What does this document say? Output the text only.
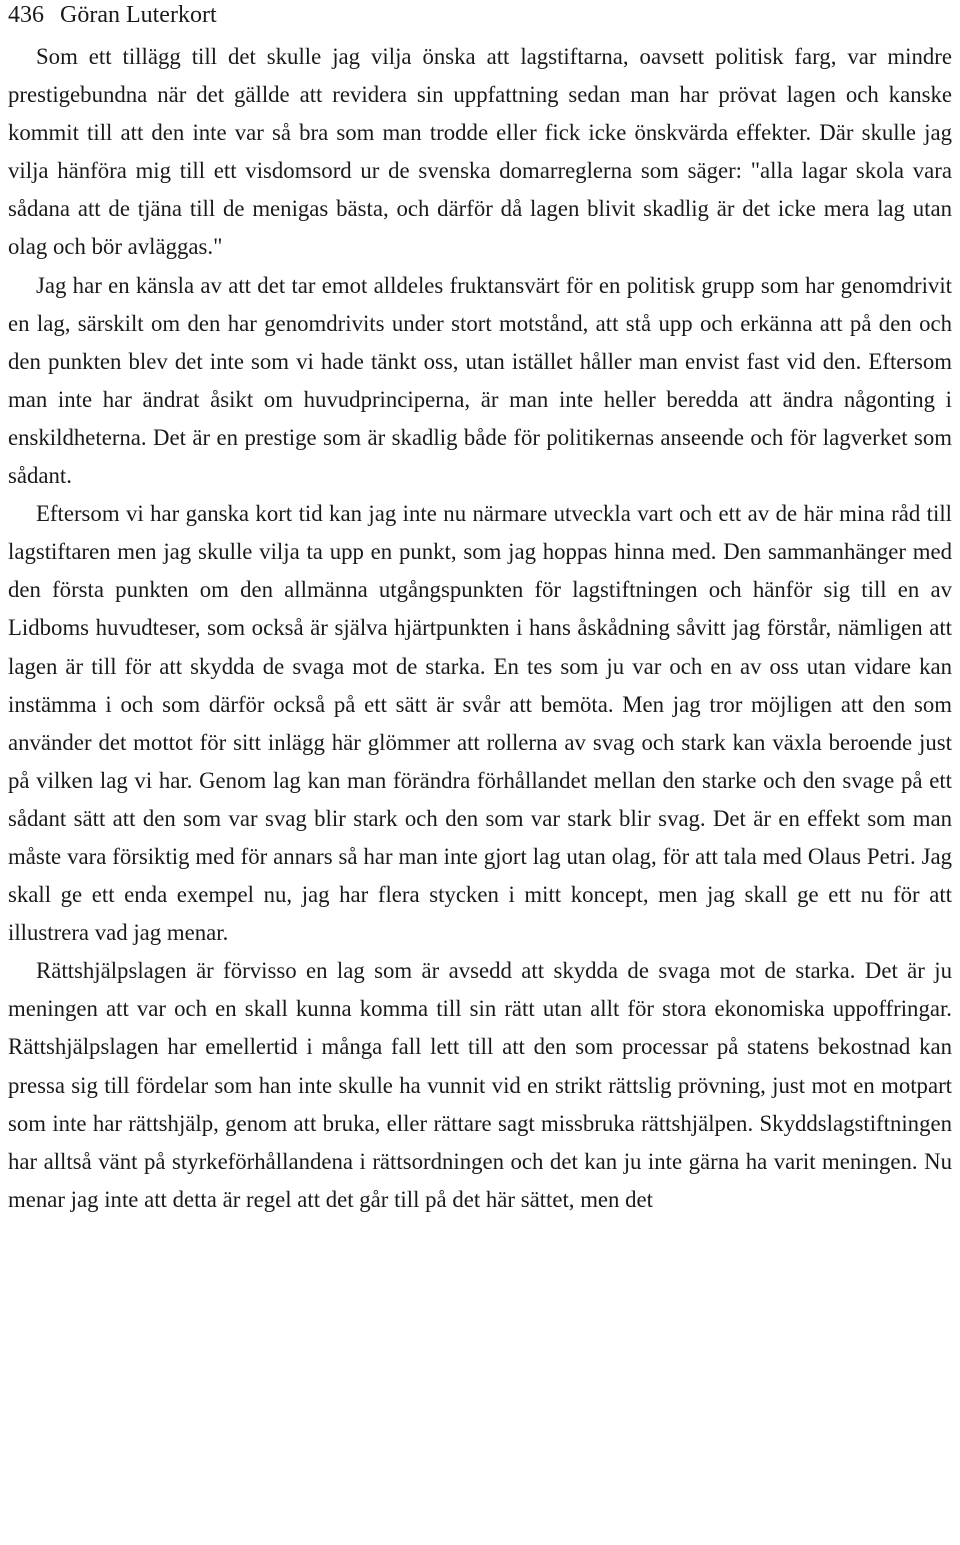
436 Göran Luterkort

Som ett tillägg till det skulle jag vilja önska att lagstiftarna, oavsett politisk farg, var mindre prestigebundna när det gällde att revidera sin uppfattning sedan man har prövat lagen och kanske kommit till att den inte var så bra som man trodde eller fick icke önskvärda effekter. Där skulle jag vilja hänföra mig till ett visdomsord ur de svenska domarreglerna som säger: "alla lagar skola vara sådana att de tjäna till de menigas bästa, och därför då lagen blivit skadlig är det icke mera lag utan olag och bör avläggas."

Jag har en känsla av att det tar emot alldeles fruktansvärt för en politisk grupp som har genomdrivit en lag, särskilt om den har genomdrivits under stort motstånd, att stå upp och erkänna att på den och den punkten blev det inte som vi hade tänkt oss, utan istället håller man envist fast vid den. Eftersom man inte har ändrat åsikt om huvudprinciperna, är man inte heller beredda att ändra någonting i enskildheterna. Det är en prestige som är skadlig både för politikernas anseende och för lagverket som sådant.

Eftersom vi har ganska kort tid kan jag inte nu närmare utveckla vart och ett av de här mina råd till lagstiftaren men jag skulle vilja ta upp en punkt, som jag hoppas hinna med. Den sammanhänger med den första punkten om den allmänna utgångspunkten för lagstiftningen och hänför sig till en av Lidboms huvudteser, som också är själva hjärtpunkten i hans åskådning såvitt jag förstår, nämligen att lagen är till för att skydda de svaga mot de starka. En tes som ju var och en av oss utan vidare kan instämma i och som därför också på ett sätt är svår att bemöta. Men jag tror möjligen att den som använder det mottot för sitt inlägg här glömmer att rollerna av svag och stark kan växla beroende just på vilken lag vi har. Genom lag kan man förändra förhållandet mellan den starke och den svage på ett sådant sätt att den som var svag blir stark och den som var stark blir svag. Det är en effekt som man måste vara försiktig med för annars så har man inte gjort lag utan olag, för att tala med Olaus Petri. Jag skall ge ett enda exempel nu, jag har flera stycken i mitt koncept, men jag skall ge ett nu för att illustrera vad jag menar.

Rättshjälpslagen är förvisso en lag som är avsedd att skydda de svaga mot de starka. Det är ju meningen att var och en skall kunna komma till sin rätt utan allt för stora ekonomiska uppoffringar. Rättshjälpslagen har emellertid i många fall lett till att den som processar på statens bekostnad kan pressa sig till fördelar som han inte skulle ha vunnit vid en strikt rättslig prövning, just mot en motpart som inte har rättshjälp, genom att bruka, eller rättare sagt missbruka rättshjälpen. Skyddslagstiftningen har alltså vänt på styrkeförhållandena i rättsordningen och det kan ju inte gärna ha varit meningen. Nu menar jag inte att detta är regel att det går till på det här sättet, men det
